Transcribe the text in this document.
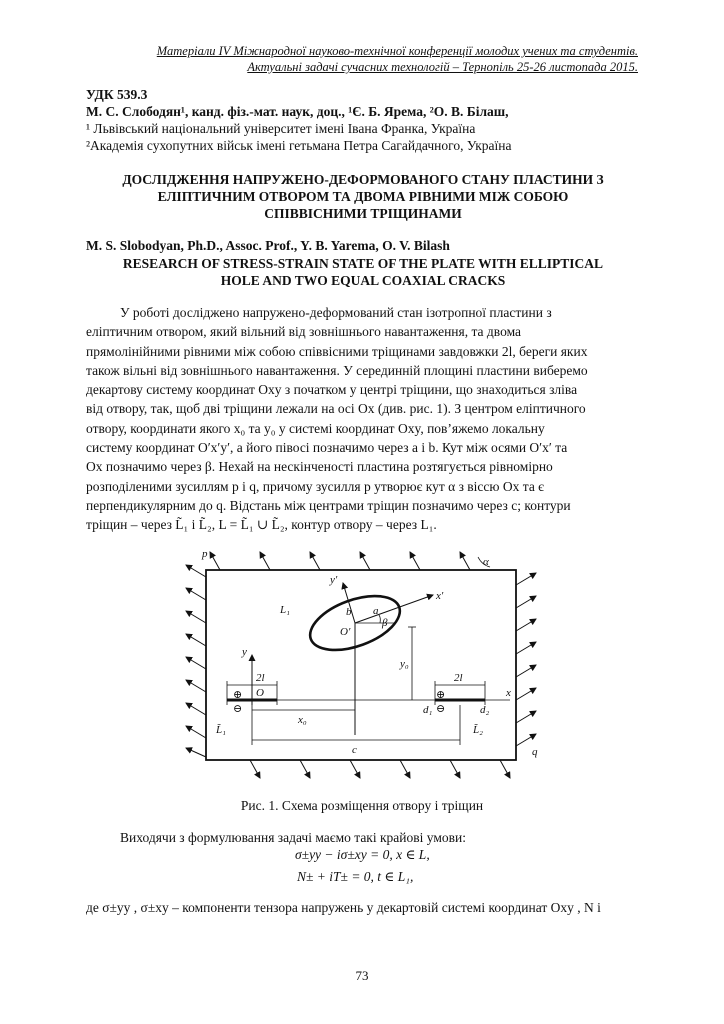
Матеріали IV Міжнародної науково-технічної конференції молодих учених та студентів.
Актуальні задачі сучасних технологій – Тернопіль 25-26 листопада 2015.
УДК 539.3
М. С. Слободян¹, канд. фіз.-мат. наук, доц., ¹Є. Б. Ярема, ²О. В. Білаш,
¹ Львівський національний університет імені Івана Франка, Україна
²Академія сухопутних військ імені гетьмана Петра Сагайдачного, Україна
ДОСЛІДЖЕННЯ НАПРУЖЕНО-ДЕФОРМОВАНОГО СТАНУ ПЛАСТИНИ З
ЕЛІПТИЧНИМ ОТВОРОМ ТА ДВОМА РІВНИМИ МІЖ СОБОЮ
СПІВВІСНИМИ ТРІЩИНАМИ
M. S. Slobodyan, Ph.D., Assoc. Prof., Y. B. Yarema, O. V. Bilash
RESEARCH OF STRESS-STRAIN STATE OF THE PLATE WITH ELLIPTICAL
HOLE AND TWO EQUAL COAXIAL CRACKS
У роботі досліджено напружено-деформований стан ізотропної пластини з
еліптичним отвором, який вільний від зовнішнього навантаження, та двома
прямолінійними рівними між собою співвісними тріщинами завдовжки 2l, береги яких
також вільні від зовнішнього навантаження. У серединній площині пластини виберемо
декартову систему координат Oxy з початком у центрі тріщини, що знаходиться зліва
від отвору, так, щоб дві тріщини лежали на осі Ox (див. рис. 1). З центром еліптичного
отвору, координати якого x₀ та y₀ у системі координат Oxy, пов’яжемо локальну
систему координат O′x′y′, а його півосі позначимо через a і b. Кут між осями O′x′ та
Ox позначимо через β. Нехай на нескінченості пластина розтягується рівномірно
розподіленими зусиллям p і q, причому зусилля p утворює кут α з віссю Ox та є
перпендикулярним до q. Відстань між центрами тріщин позначимо через c; контури
тріщин – через L̃₁ і L̃₂, L = L̃₁ ∪ L̃₂, контур отвору – через L₁.
p
α
q
y′
x′
L₁	b a
β
O′
y
y₀
2l	2l
O	x
⊕
⊖
⊕
⊖
d₁	d₂
x₀
c
L̃₁	L̃₂
Рис. 1. Схема розміщення отвору і тріщин
Виходячи з формулювання задачі маємо такі крайові умови:
σ±yy − iσ±xy = 0, x ∈ L,
N± + iT± = 0, t ∈ L₁,
де σ±yy , σ±xy – компоненти тензора напружень у декартовій системі координат Oxy , N і
73
